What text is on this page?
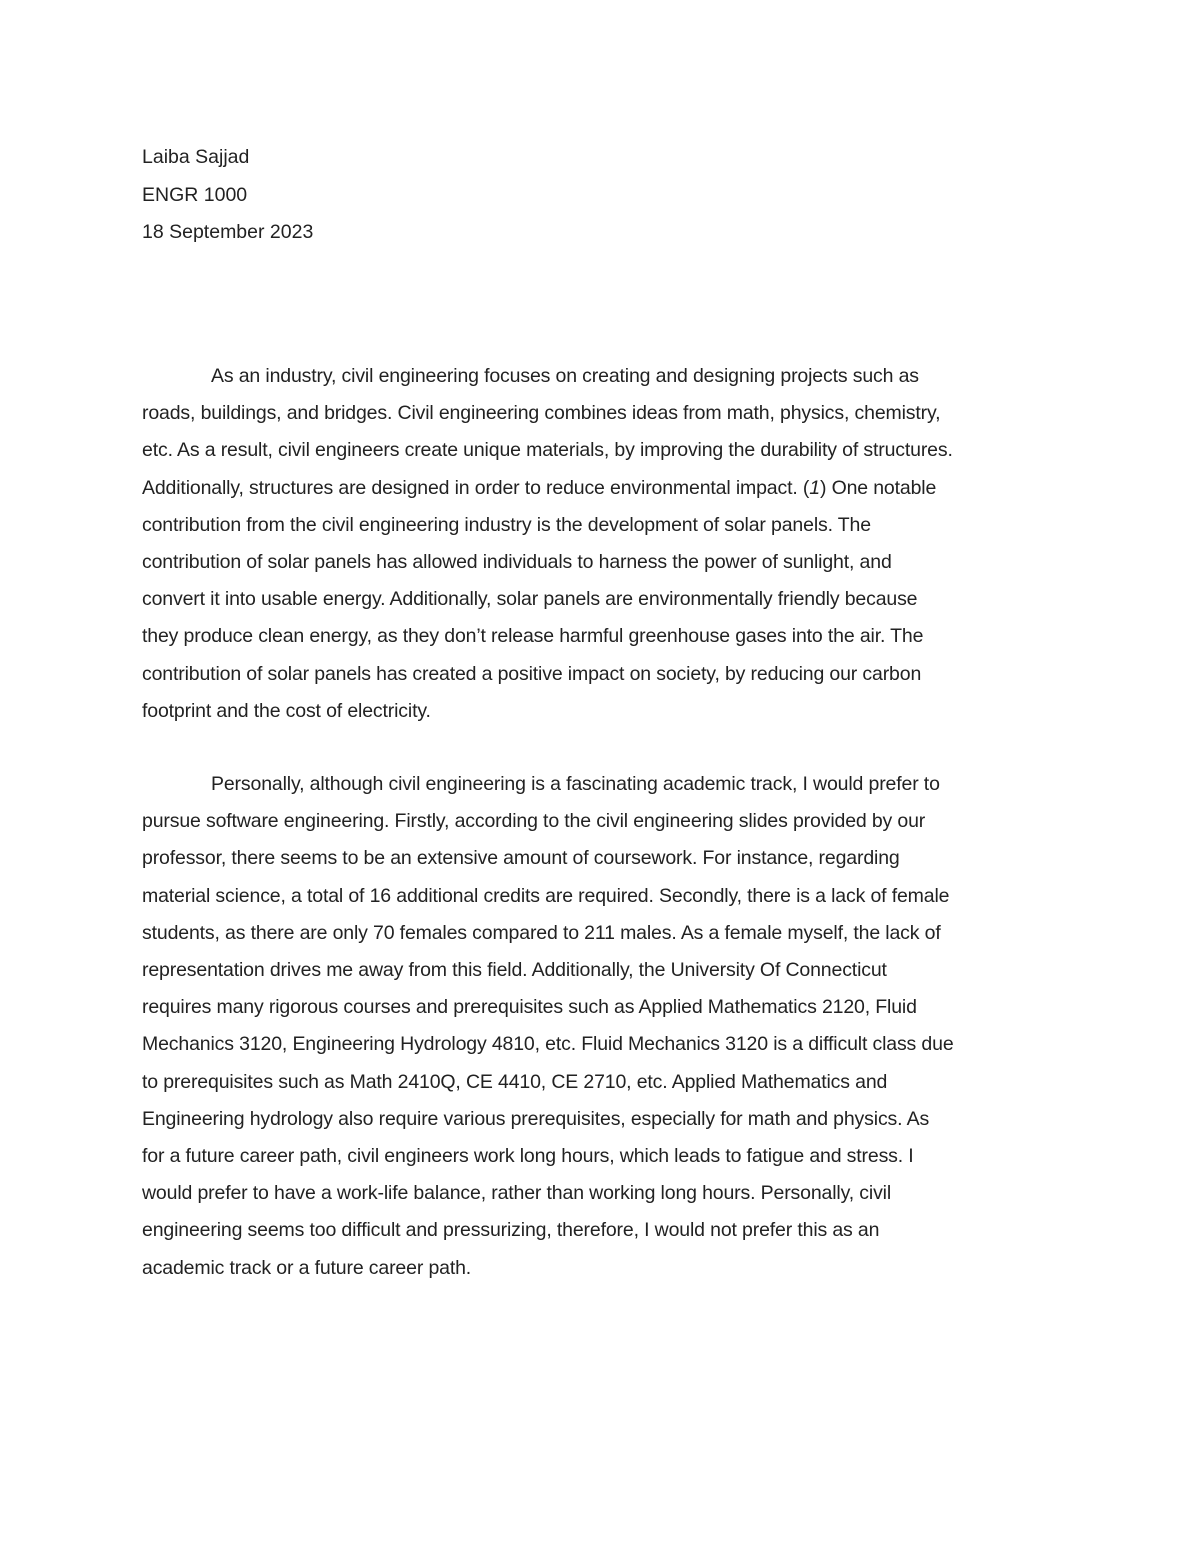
Laiba Sajjad
ENGR 1000
18 September 2023
As an industry, civil engineering focuses on creating and designing projects such as
roads, buildings, and bridges. Civil engineering combines ideas from math, physics, chemistry,
etc. As a result, civil engineers create unique materials, by improving the durability of structures.
Additionally, structures are designed in order to reduce environmental impact. (1) One notable
contribution from the civil engineering industry is the development of solar panels. The
contribution of solar panels has allowed individuals to harness the power of sunlight, and
convert it into usable energy. Additionally, solar panels are environmentally friendly because
they produce clean energy, as they don’t release harmful greenhouse gases into the air. The
contribution of solar panels has created a positive impact on society, by reducing our carbon
footprint and the cost of electricity.
Personally, although civil engineering is a fascinating academic track, I would prefer to
pursue software engineering. Firstly, according to the civil engineering slides provided by our
professor, there seems to be an extensive amount of coursework. For instance, regarding
material science, a total of 16 additional credits are required. Secondly, there is a lack of female
students, as there are only 70 females compared to 211 males. As a female myself, the lack of
representation drives me away from this field. Additionally, the University Of Connecticut
requires many rigorous courses and prerequisites such as Applied Mathematics 2120, Fluid
Mechanics 3120, Engineering Hydrology 4810, etc. Fluid Mechanics 3120 is a difficult class due
to prerequisites such as Math 2410Q, CE 4410, CE 2710, etc. Applied Mathematics and
Engineering hydrology also require various prerequisites, especially for math and physics. As
for a future career path, civil engineers work long hours, which leads to fatigue and stress. I
would prefer to have a work-life balance, rather than working long hours. Personally, civil
engineering seems too difficult and pressurizing, therefore, I would not prefer this as an
academic track or a future career path.
